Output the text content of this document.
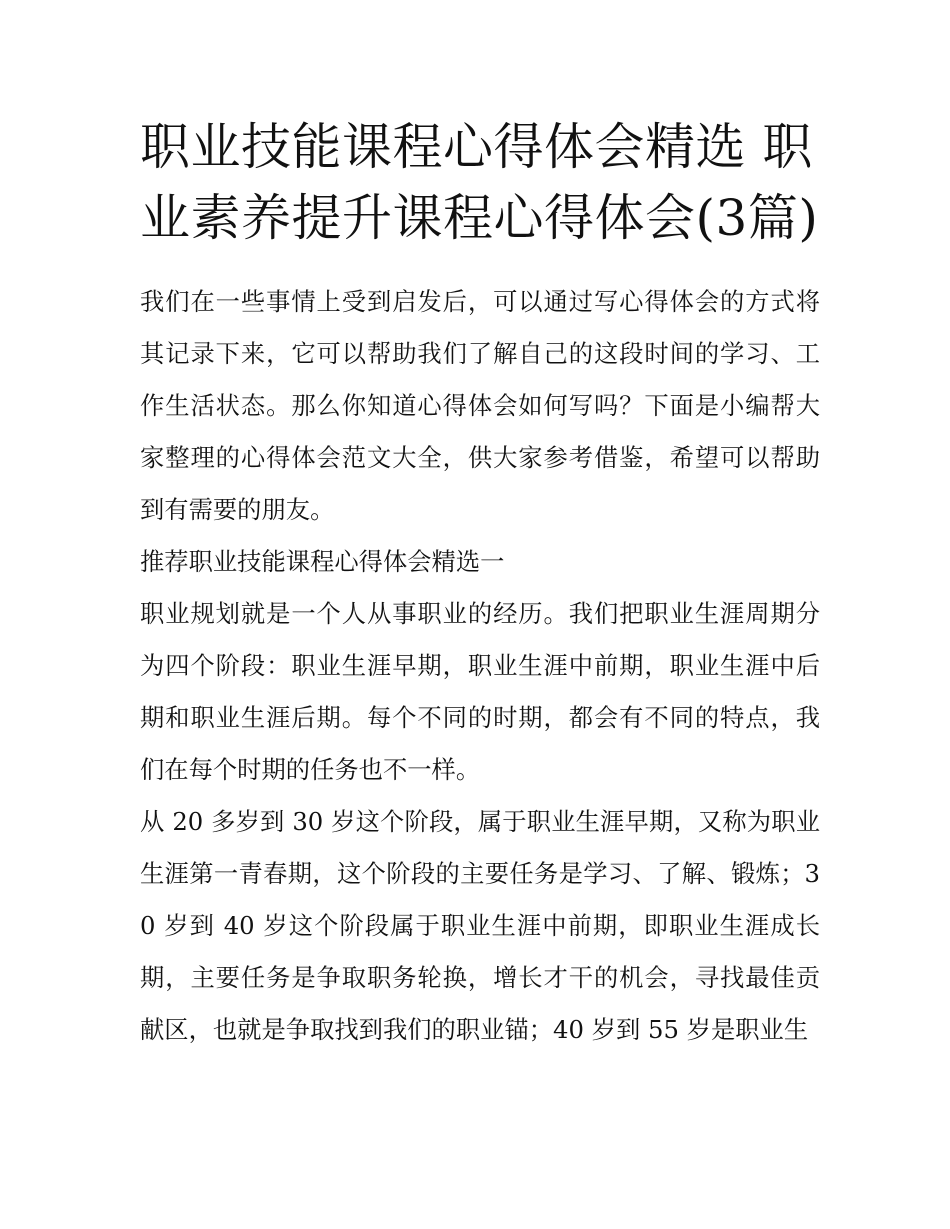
职业技能课程心得体会精选 职业素养提升课程心得体会(3篇)

我们在一些事情上受到启发后，可以通过写心得体会的方式将其记录下来，它可以帮助我们了解自己的这段时间的学习、工作生活状态。那么你知道心得体会如何写吗？下面是小编帮大家整理的心得体会范文大全，供大家参考借鉴，希望可以帮助到有需要的朋友。

推荐职业技能课程心得体会精选一

职业规划就是一个人从事职业的经历。我们把职业生涯周期分为四个阶段：职业生涯早期，职业生涯中前期，职业生涯中后期和职业生涯后期。每个不同的时期，都会有不同的特点，我们在每个时期的任务也不一样。

从 20 多岁到 30 岁这个阶段，属于职业生涯早期，又称为职业生涯第一青春期，这个阶段的主要任务是学习、了解、锻炼；30 岁到 40 岁这个阶段属于职业生涯中前期，即职业生涯成长期，主要任务是争取职务轮换，增长才干的机会，寻找最佳贡献区，也就是争取找到我们的职业锚；40 岁到 55 岁是职业生
